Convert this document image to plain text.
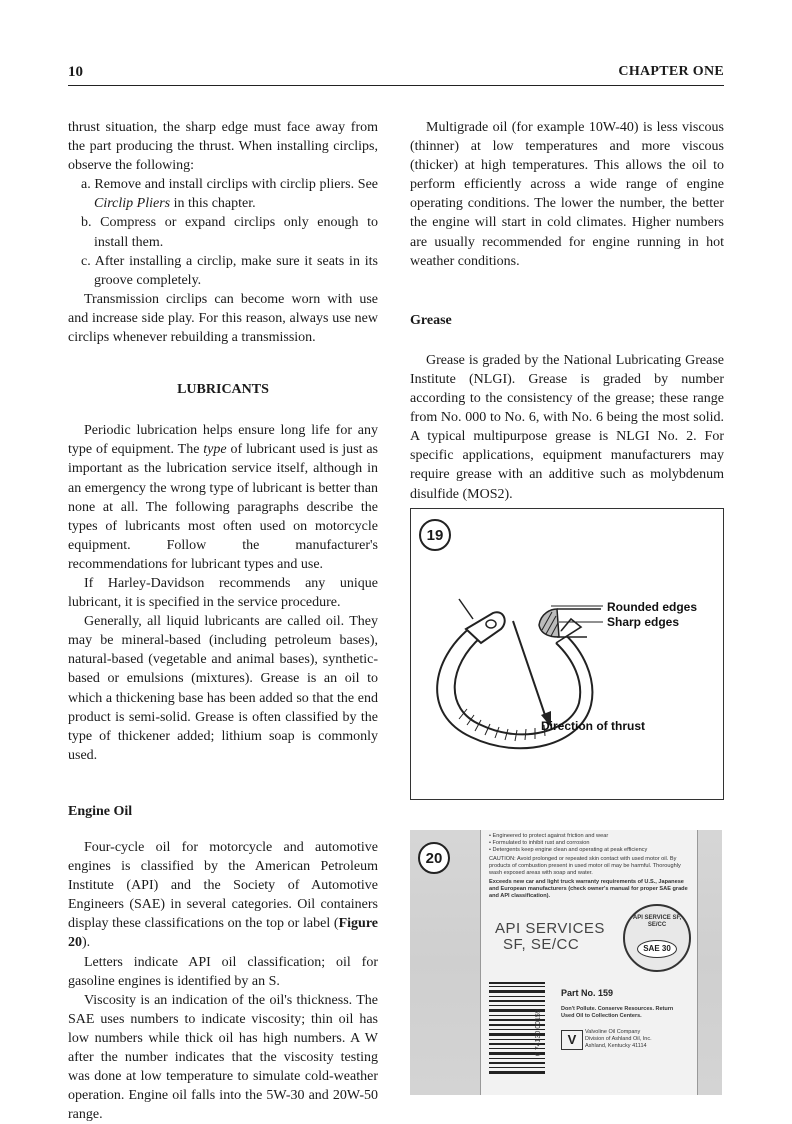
10	CHAPTER ONE

thrust situation, the sharp edge must face away from the part producing the thrust. When installing circlips, observe the following:

a. Remove and install circlips with circlip pliers. See Circlip Pliers in this chapter.

b. Compress or expand circlips only enough to install them.

c. After installing a circlip, make sure it seats in its groove completely.

Transmission circlips can become worn with use and increase side play. For this reason, always use new circlips whenever rebuilding a transmission.

LUBRICANTS

Periodic lubrication helps ensure long life for any type of equipment. The type of lubricant used is just as important as the lubrication service itself, although in an emergency the wrong type of lubricant is better than none at all. The following paragraphs describe the types of lubricants most often used on motorcycle equipment. Follow the manufacturer's recommendations for lubricant types and use.

If Harley-Davidson recommends any unique lubricant, it is specified in the service procedure.

Generally, all liquid lubricants are called oil. They may be mineral-based (including petroleum bases), natural-based (vegetable and animal bases), synthetic-based or emulsions (mixtures). Grease is an oil to which a thickening base has been added so that the end product is semi-solid. Grease is often classified by the type of thickener added; lithium soap is commonly used.

Engine Oil

Four-cycle oil for motorcycle and automotive engines is classified by the American Petroleum Institute (API) and the Society of Automotive Engineers (SAE) in several categories. Oil containers display these classifications on the top or label (Figure 20).

Letters indicate API oil classification; oil for gasoline engines is identified by an S.

Viscosity is an indication of the oil's thickness. The SAE uses numbers to indicate viscosity; thin oil has low numbers while thick oil has high numbers. A W after the number indicates that the viscosity testing was done at low temperature to simulate cold-weather operation. Engine oil falls into the 5W-30 and 20W-50 range.

Multigrade oil (for example 10W-40) is less viscous (thinner) at low temperatures and more viscous (thicker) at high temperatures. This allows the oil to perform efficiently across a wide range of engine operating conditions. The lower the number, the better the engine will start in cold climates. Higher numbers are usually recommended for engine running in hot weather conditions.

Grease

Grease is graded by the National Lubricating Grease Institute (NLGI). Grease is graded by number according to the consistency of the grease; these range from No. 000 to No. 6, with No. 6 being the most solid. A typical multipurpose grease is NLGI No. 2. For specific applications, equipment manufacturers may require grease with an additive such as molybdenum disulfide (MOS2).

19
Rounded edges
Sharp edges
Direction of thrust
20
• Engineered to protect against friction and wear
• Formulated to inhibit rust and corrosion
• Detergents keep engine clean and operating at peak efficiency
CAUTION: Avoid prolonged or repeated skin contact with used motor oil. By products of combustion present in used motor oil may be harmful. Thoroughly wash exposed areas with soap and water.
Exceeds new car and light truck warranty requirements of U.S., Japanese and European manufacturers (check owner's manual for proper SAE grade and API classification).
API SERVICES
SF, SE/CC
API SERVICE SF, SE/CC
SAE 30
0 74130 00159
Part No. 159
Don't Pollute. Conserve Resources. Return Used Oil to Collection Centers.
V	Valvoline Oil Company
Division of Ashland Oil, Inc.
Ashland, Kentucky 41114
